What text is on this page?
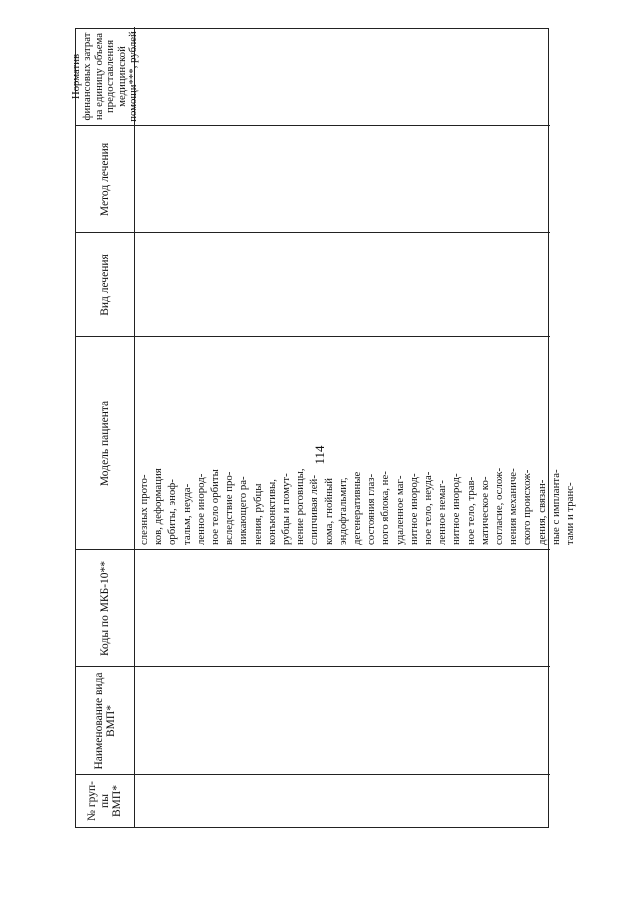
114
№ груп-пы ВМП*
Наименование вида ВМП*
Коды по МКБ-10**
Модель пациента
Вид лечения
Метод лечения
Норматив финансовых затрат на единицу объема предоставления медицинской помощи***, рублей
слезных прото- ков, деформация орбиты, эноф- тальм, неуда- ленное инород- ное тело орбиты вследствие про- никающего ра- нения, рубцы конъюнктивы, рубцы и помут- нение роговицы, слипчивая лей- кома, гнойный эндофтальмит, дегенеративные состояния глаз- ного яблока, не- удаленное маг- нитное инород- ное тело, неуда- ленное немаг- нитное инород- ное тело, трав- матическое ко- согласие, ослож- нения механиче- ского происхож- дения, связан- ные с импланта- тами и транс-
